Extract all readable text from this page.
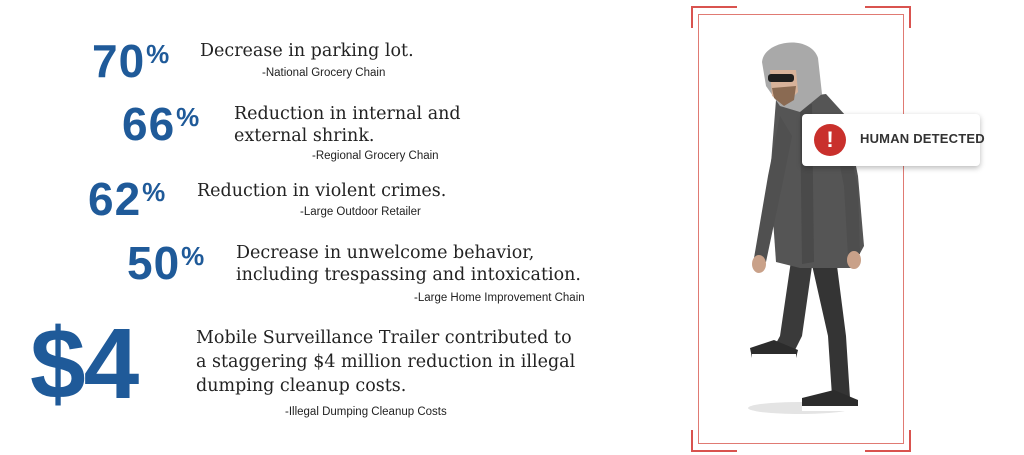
70% Decrease in parking lot.
-National Grocery Chain
66% Reduction in internal and
external shrink.
-Regional Grocery Chain
62% Reduction in violent crimes.
-Large Outdoor Retailer
50% Decrease in unwelcome behavior,
including trespassing and intoxication.
-Large Home Improvement Chain
$4	Mobile Surveillance Trailer contributed to
a staggering $4 million reduction in illegal
dumping cleanup costs.
-Illegal Dumping Cleanup Costs
!	HUMAN DETECTED
